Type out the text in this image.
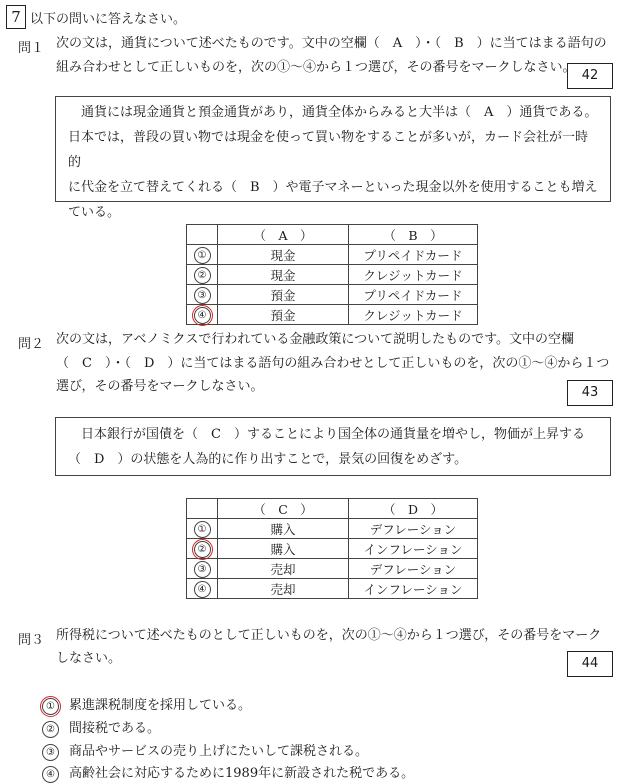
7 以下の問いに答えなさい。
問１ 次の文は，通貨について述べたものです。文中の空欄（　A　）・（　B　）に当てはまる語句の
組み合わせとして正しいものを，次の①～④から１つ選び，その番号をマークしなさい。
42
通貨には現金通貨と預金通貨があり，通貨全体からみると大半は（　A　）通貨である。
日本では，普段の買い物では現金を使って買い物をすることが多いが，カード会社が一時的
に代金を立て替えてくれる（　B　）や電子マネーといった現金以外を使用することも増え
ている。
	（　A　）	（　B　）
①	現金	プリペイドカード
②	現金	クレジットカード
③	預金	プリペイドカード
④	預金	クレジットカード
問２ 次の文は，アベノミクスで行われている金融政策について説明したものです。文中の空欄
（　C　）・（　D　）に当てはまる語句の組み合わせとして正しいものを，次の①～④から１つ
選び，その番号をマークしなさい。	43
日本銀行が国債を（　C　）することにより国全体の通貨量を増やし，物価が上昇する
（　D　）の状態を人為的に作り出すことで，景気の回復をめざす。
	（　C　）	（　D　）
①	購入	デフレーション
②	購入	インフレーション
③	売却	デフレーション
④	売却	インフレーション
問３ 所得税について述べたものとして正しいものを，次の①～④から１つ選び，その番号をマーク
しなさい。	44
① 累進課税制度を採用している。
② 間接税である。
③ 商品やサービスの売り上げにたいして課税される。
④ 高齢社会に対応するために1989年に新設された税である。
